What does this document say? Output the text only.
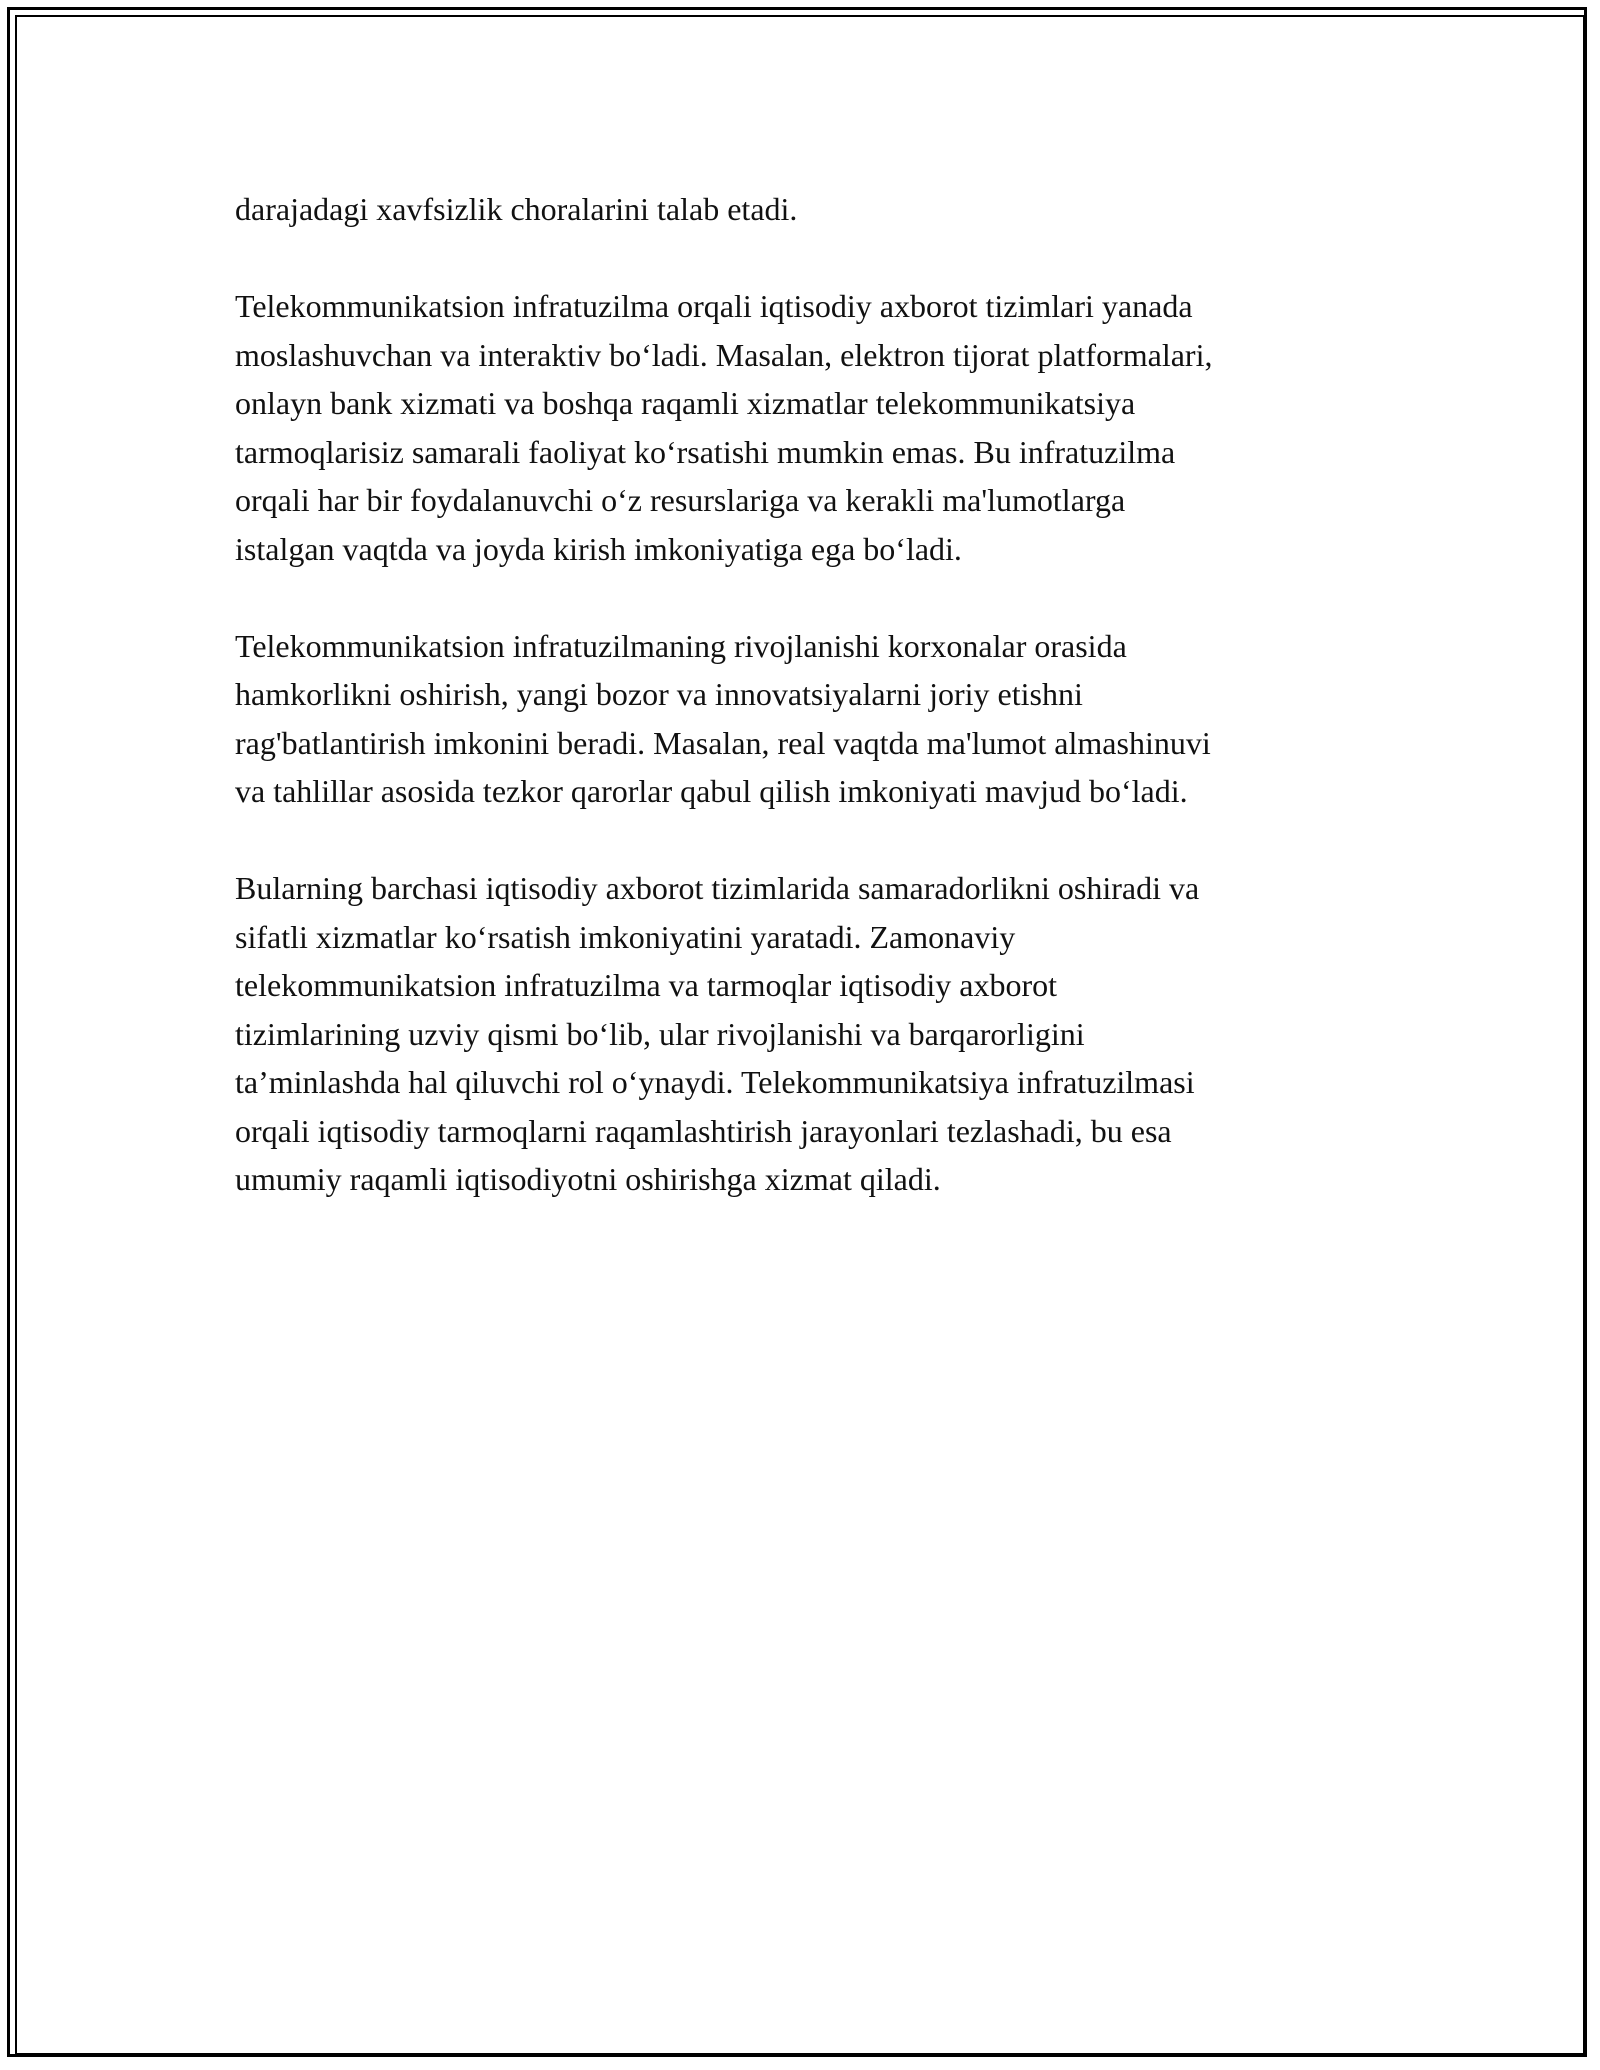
darajadagi xavfsizlik choralarini talab etadi.

Telekommunikatsion infratuzilma orqali iqtisodiy axborot tizimlari yanada
moslashuvchan va interaktiv bo‘ladi. Masalan, elektron tijorat platformalari,
onlayn bank xizmati va boshqa raqamli xizmatlar telekommunikatsiya
tarmoqlarisiz samarali faoliyat ko‘rsatishi mumkin emas. Bu infratuzilma
orqali har bir foydalanuvchi o‘z resurslariga va kerakli ma'lumotlarga
istalgan vaqtda va joyda kirish imkoniyatiga ega bo‘ladi.

Telekommunikatsion infratuzilmaning rivojlanishi korxonalar orasida
hamkorlikni oshirish, yangi bozor va innovatsiyalarni joriy etishni
rag'batlantirish imkonini beradi. Masalan, real vaqtda ma'lumot almashinuvi
va tahlillar asosida tezkor qarorlar qabul qilish imkoniyati mavjud bo‘ladi.

Bularning barchasi iqtisodiy axborot tizimlarida samaradorlikni oshiradi va
sifatli xizmatlar ko‘rsatish imkoniyatini yaratadi. Zamonaviy
telekommunikatsion infratuzilma va tarmoqlar iqtisodiy axborot
tizimlarining uzviy qismi bo‘lib, ular rivojlanishi va barqarorligini
ta’minlashda hal qiluvchi rol o‘ynaydi. Telekommunikatsiya infratuzilmasi
orqali iqtisodiy tarmoqlarni raqamlashtirish jarayonlari tezlashadi, bu esa
umumiy raqamli iqtisodiyotni oshirishga xizmat qiladi.
